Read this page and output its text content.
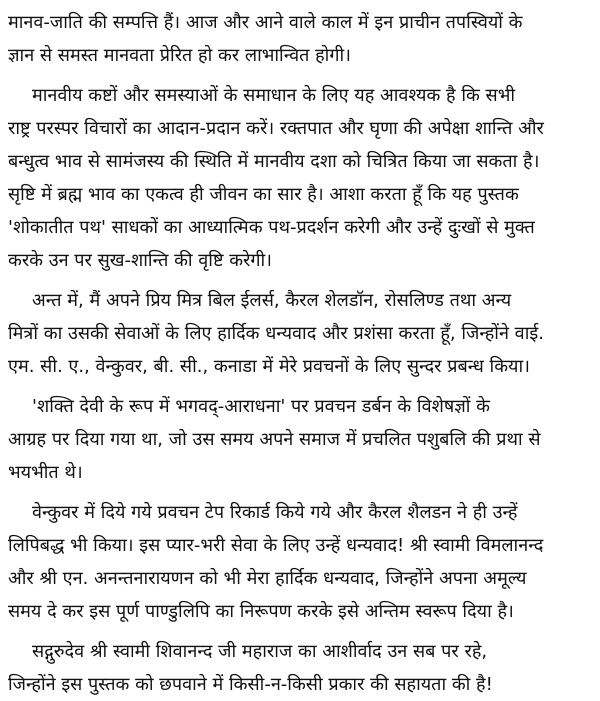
मानव-जाति की सम्पत्ति हैं। आज और आने वाले काल में इन प्राचीन तपस्वियों के
ज्ञान से समस्त मानवता प्रेरित हो कर लाभान्वित होगी।
मानवीय कष्टों और समस्याओं के समाधान के लिए यह आवश्यक है कि सभी
राष्ट्र परस्पर विचारों का आदान-प्रदान करें। रक्तपात और घृणा की अपेक्षा शान्ति और
बन्धुत्व भाव से सामंजस्य की स्थिति में मानवीय दशा को चित्रित किया जा सकता है।
सृष्टि में ब्रह्म भाव का एकत्व ही जीवन का सार है। आशा करता हूँ कि यह पुस्तक
'शोकातीत पथ' साधकों का आध्यात्मिक पथ-प्रदर्शन करेगी और उन्हें दुःखों से मुक्त
करके उन पर सुख-शान्ति की वृष्टि करेगी।
अन्त में, मैं अपने प्रिय मित्र बिल ईलर्स, कैरल शेलडॉन, रोसलिण्ड तथा अन्य
मित्रों का उसकी सेवाओं के लिए हार्दिक धन्यवाद और प्रशंसा करता हूँ, जिन्होंने वाई.
एम. सी. ए., वेन्कुवर, बी. सी., कनाडा में मेरे प्रवचनों के लिए सुन्दर प्रबन्ध किया।
'शक्ति देवी के रूप में भगवद्-आराधना' पर प्रवचन डर्बन के विशेषज्ञों के
आग्रह पर दिया गया था, जो उस समय अपने समाज में प्रचलित पशुबलि की प्रथा से
भयभीत थे।
वेन्कुवर में दिये गये प्रवचन टेप रिकार्ड किये गये और कैरल शैलडन ने ही उन्हें
लिपिबद्ध भी किया। इस प्यार-भरी सेवा के लिए उन्हें धन्यवाद! श्री स्वामी विमलानन्द
और श्री एन. अनन्तनारायणन को भी मेरा हार्दिक धन्यवाद, जिन्होंने अपना अमूल्य
समय दे कर इस पूर्ण पाण्डुलिपि का निरूपण करके इसे अन्तिम स्वरूप दिया है।
सद्गुरुदेव श्री स्वामी शिवानन्द जी महाराज का आशीर्वाद उन सब पर रहे,
जिन्होंने इस पुस्तक को छपवाने में किसी-न-किसी प्रकार की सहायता की है!
